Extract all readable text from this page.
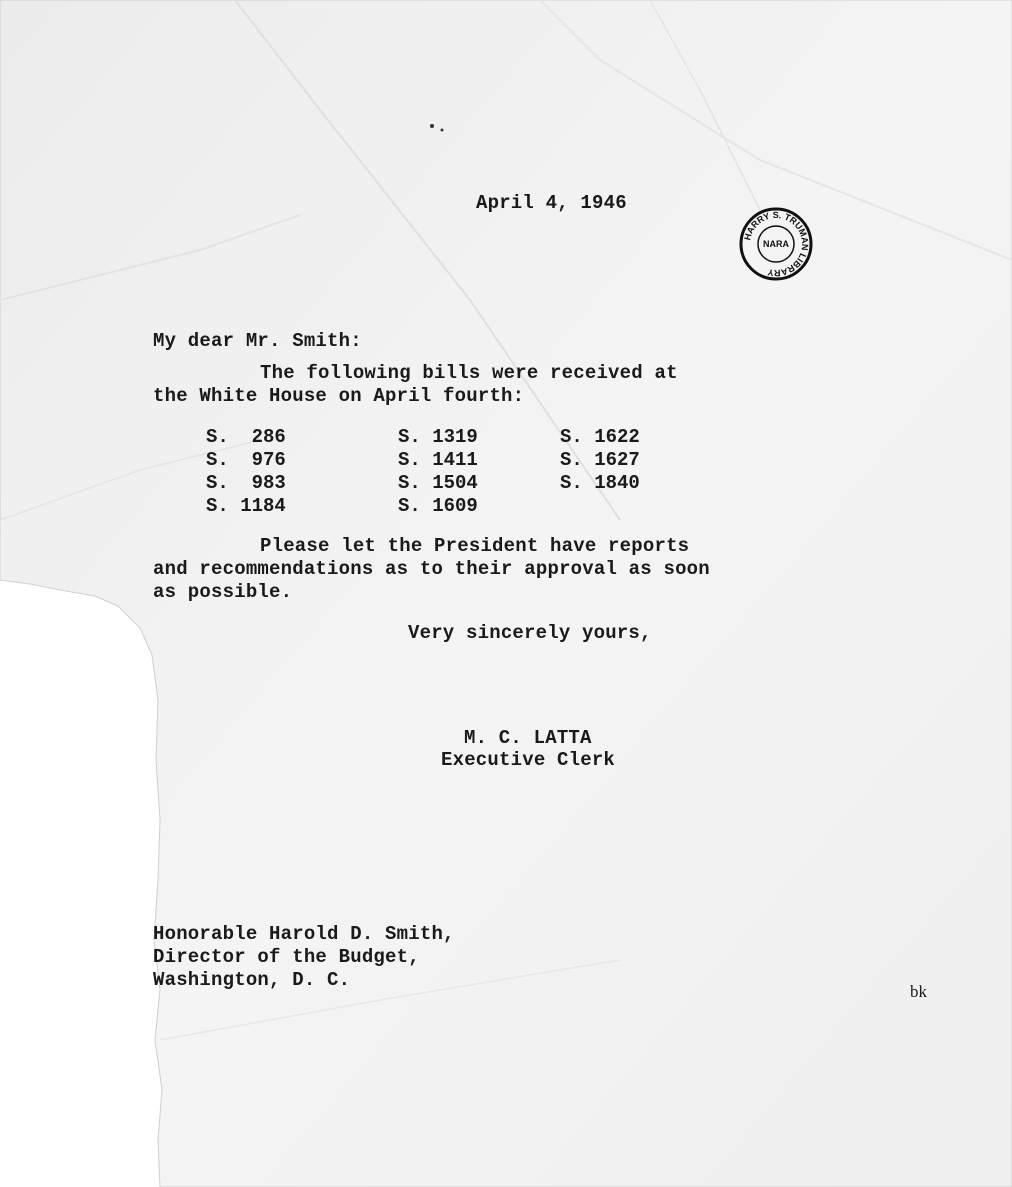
April 4, 1946
HARRY S. TRUMAN LIBRARY
NARA
My dear Mr. Smith:
The following bills were received at
the White House on April fourth:
S.  286	S. 1319	S. 1622
S.  976	S. 1411	S. 1627
S.  983	S. 1504	S. 1840
S. 1184	S. 1609
Please let the President have reports
and recommendations as to their approval as soon
as possible.
Very sincerely yours,
M. C. LATTA
Executive Clerk
Honorable Harold D. Smith,
Director of the Budget,
Washington, D. C.
bk
